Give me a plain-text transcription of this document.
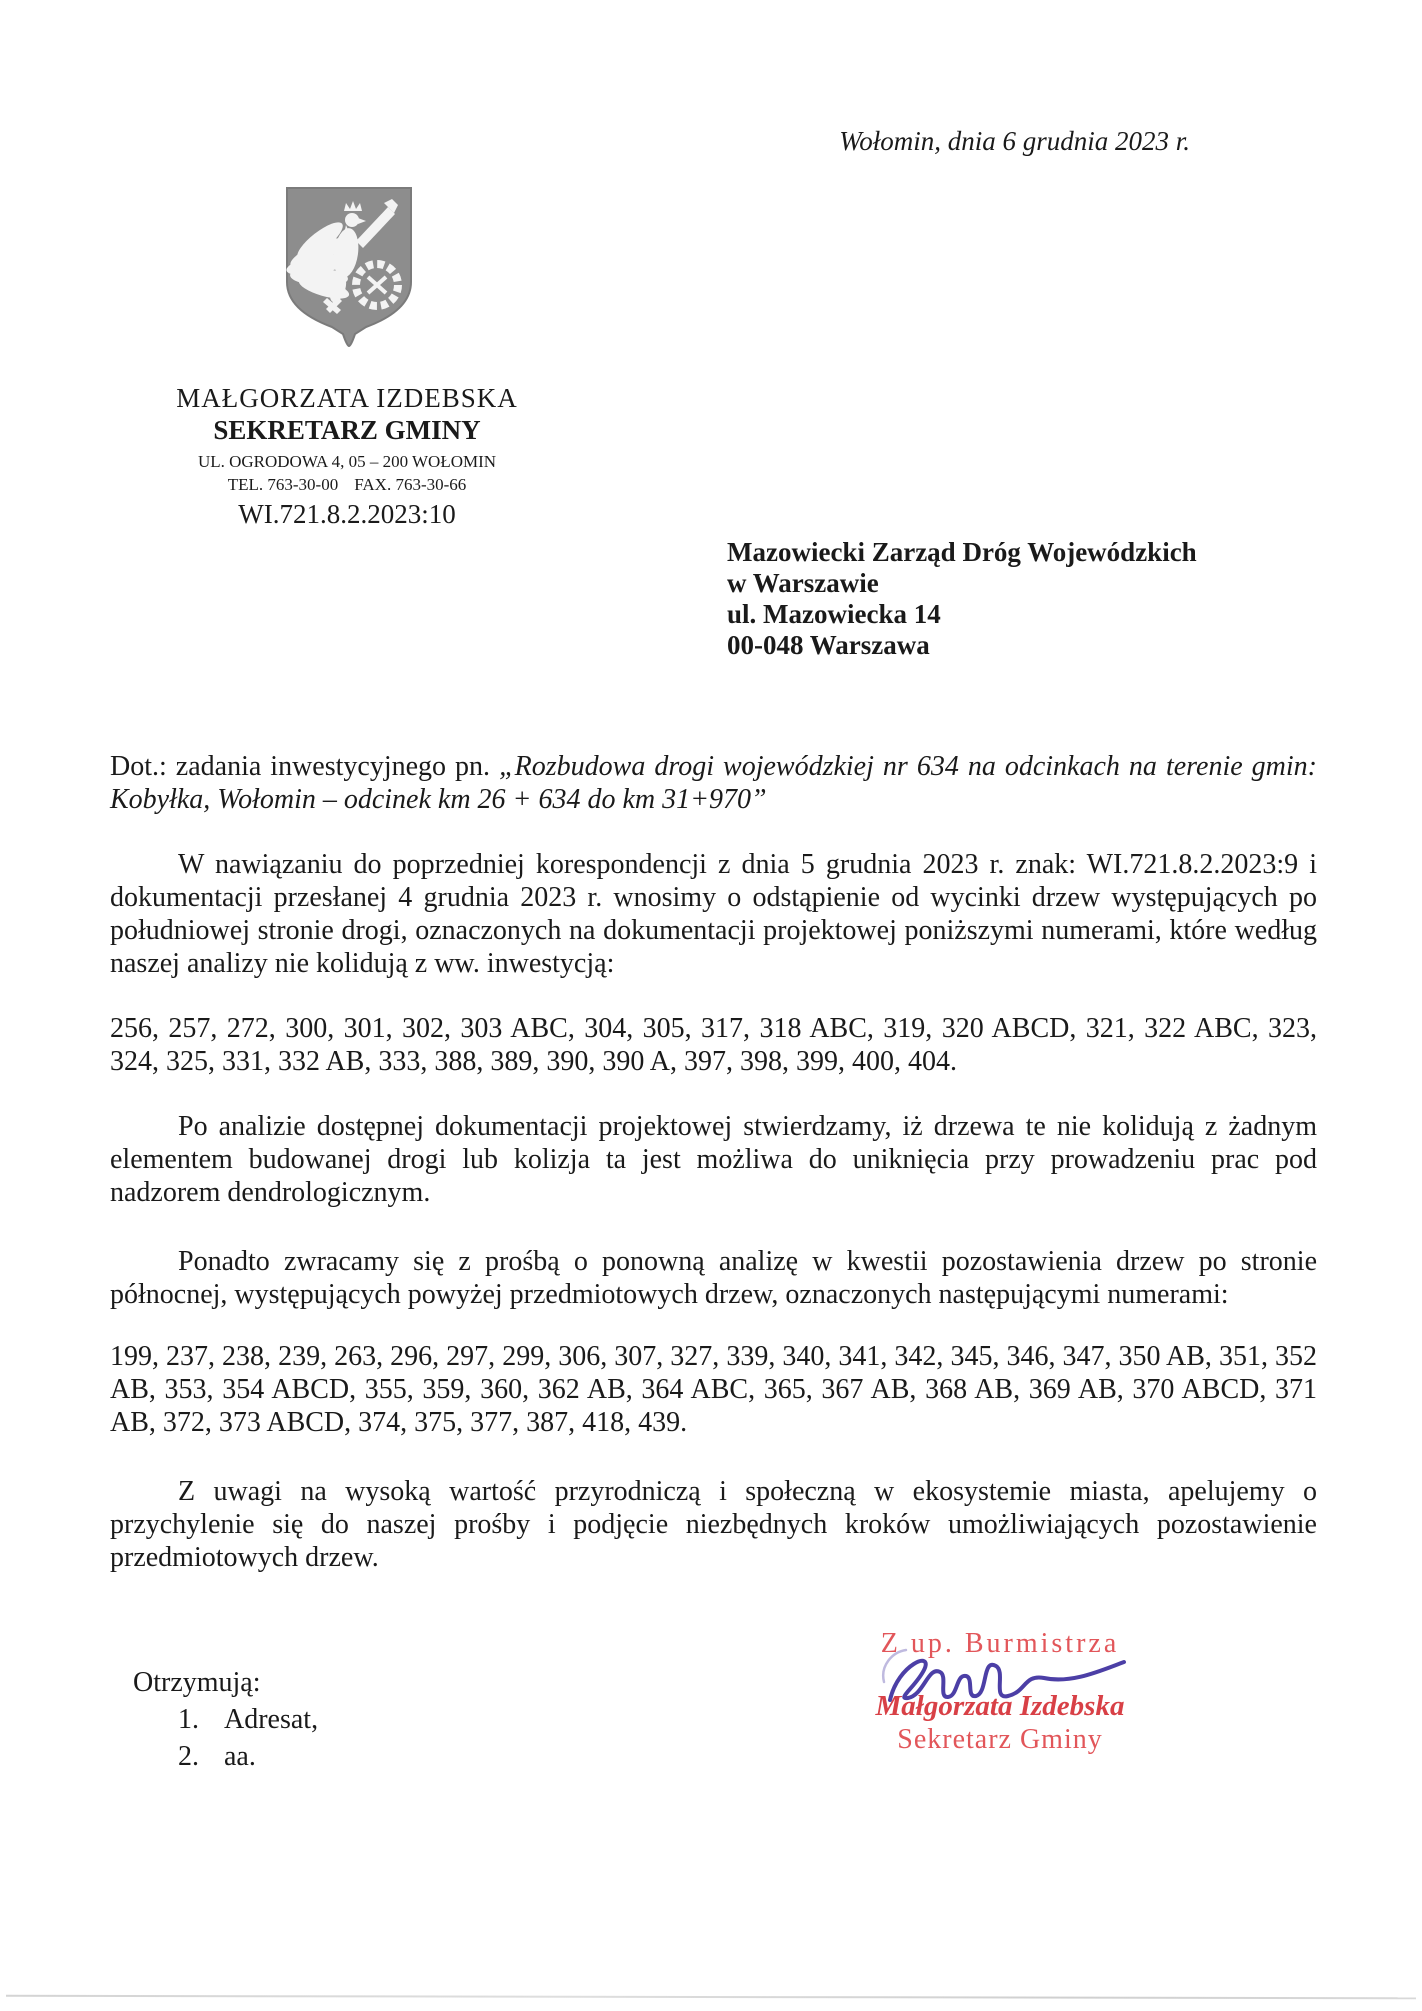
Wołomin, dnia 6 grudnia 2023 r.
MAŁGORZATA IZDEBSKA
SEKRETARZ GMINY
UL. OGRODOWA 4, 05 – 200 WOŁOMIN
TEL. 763-30-00 FAX. 763-30-66
WI.721.8.2.2023:10
Mazowiecki Zarząd Dróg Wojewódzkich
w Warszawie
ul. Mazowiecka 14
00-048 Warszawa
Dot.: zadania inwestycyjnego pn. „Rozbudowa drogi wojewódzkiej nr 634 na odcinkach na terenie gmin: Kobyłka, Wołomin – odcinek km 26 + 634 do km 31+970”
W nawiązaniu do poprzedniej korespondencji z dnia 5 grudnia 2023 r. znak: WI.721.8.2.2023:9 i dokumentacji przesłanej 4 grudnia 2023 r. wnosimy o odstąpienie od wycinki drzew występujących po południowej stronie drogi, oznaczonych na dokumentacji projektowej poniższymi numerami, które według naszej analizy nie kolidują z ww. inwestycją:
256, 257, 272, 300, 301, 302, 303 ABC, 304, 305, 317, 318 ABC, 319, 320 ABCD, 321, 322 ABC, 323, 324, 325, 331, 332 AB, 333, 388, 389, 390, 390 A, 397, 398, 399, 400, 404.
Po analizie dostępnej dokumentacji projektowej stwierdzamy, iż drzewa te nie kolidują z żadnym elementem budowanej drogi lub kolizja ta jest możliwa do uniknięcia przy prowadzeniu prac pod nadzorem dendrologicznym.
Ponadto zwracamy się z prośbą o ponowną analizę w kwestii pozostawienia drzew po stronie północnej, występujących powyżej przedmiotowych drzew, oznaczonych następującymi numerami:
199, 237, 238, 239, 263, 296, 297, 299, 306, 307, 327, 339, 340, 341, 342, 345, 346, 347, 350 AB, 351, 352 AB, 353, 354 ABCD, 355, 359, 360, 362 AB, 364 ABC, 365, 367 AB, 368 AB, 369 AB, 370 ABCD, 371 AB, 372, 373 ABCD, 374, 375, 377, 387, 418, 439.
Z uwagi na wysoką wartość przyrodniczą i społeczną w ekosystemie miasta, apelujemy o przychylenie się do naszej prośby i podjęcie niezbędnych kroków umożliwiających pozostawienie przedmiotowych drzew.
Z up. Burmistrza
Małgorzata Izdebska
Sekretarz Gminy
Otrzymują:
1. Adresat,
2. aa.
